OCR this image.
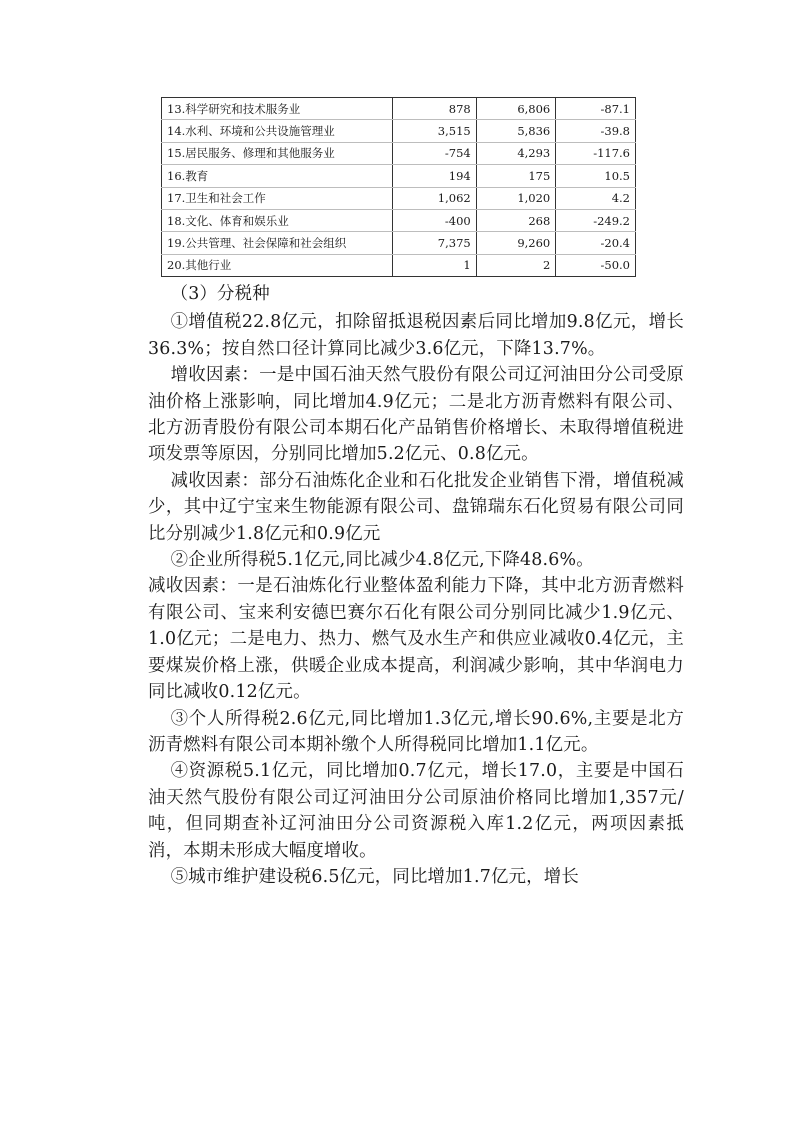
13.科学研究和技术服务业	878	6,806	-87.1
14.水利、环境和公共设施管理业	3,515	5,836	-39.8
15.居民服务、修理和其他服务业	-754	4,293	-117.6
16.教育	194	175	10.5
17.卫生和社会工作	1,062	1,020	4.2
18.文化、体育和娱乐业	-400	268	-249.2
19.公共管理、社会保障和社会组织	7,375	9,260	-20.4
20.其他行业	1	2	-50.0

（3）分税种

①增值税22.8亿元，扣除留抵退税因素后同比增加9.8亿元，增长36.3%；按自然口径计算同比减少3.6亿元，下降13.7%。

增收因素：一是中国石油天然气股份有限公司辽河油田分公司受原油价格上涨影响，同比增加4.9亿元；二是北方沥青燃料有限公司、北方沥青股份有限公司本期石化产品销售价格增长、未取得增值税进项发票等原因，分别同比增加5.2亿元、0.8亿元。

减收因素：部分石油炼化企业和石化批发企业销售下滑，增值税减少，其中辽宁宝来生物能源有限公司、盘锦瑞东石化贸易有限公司同比分别减少1.8亿元和0.9亿元

②企业所得税5.1亿元,同比减少4.8亿元,下降48.6%。

减收因素：一是石油炼化行业整体盈利能力下降，其中北方沥青燃料有限公司、宝来利安德巴赛尔石化有限公司分别同比减少1.9亿元、1.0亿元；二是电力、热力、燃气及水生产和供应业减收0.4亿元，主要煤炭价格上涨，供暖企业成本提高，利润减少影响，其中华润电力同比减收0.12亿元。

③个人所得税2.6亿元,同比增加1.3亿元,增长90.6%,主要是北方沥青燃料有限公司本期补缴个人所得税同比增加1.1亿元。

④资源税5.1亿元，同比增加0.7亿元，增长17.0，主要是中国石油天然气股份有限公司辽河油田分公司原油价格同比增加1,357元/吨，但同期查补辽河油田分公司资源税入库1.2亿元，两项因素抵消，本期未形成大幅度增收。

⑤城市维护建设税6.5亿元，同比增加1.7亿元，增长
